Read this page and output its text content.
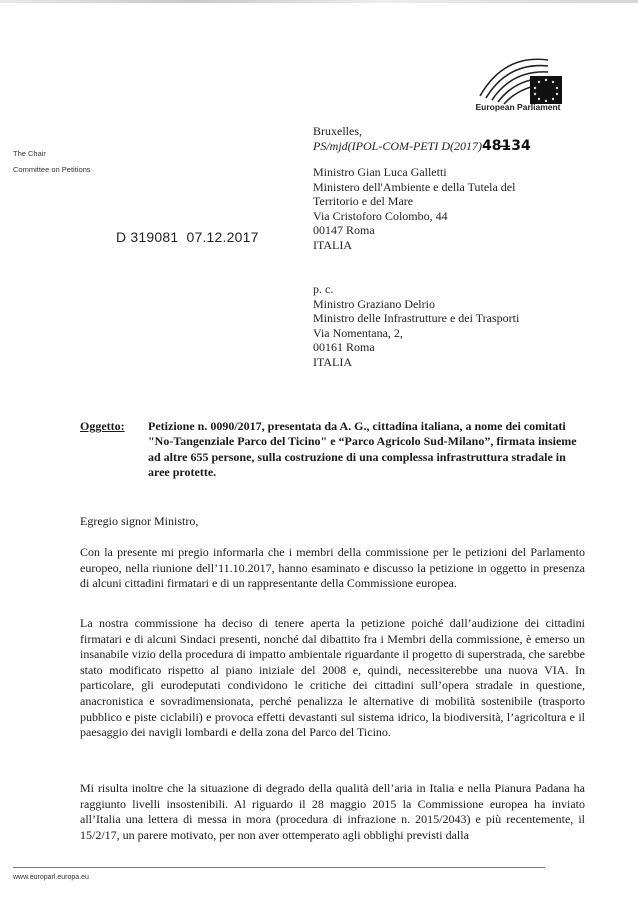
European Parliament
The Chair
Committee on Petitions
D 319081  07.12.2017
Bruxelles,
PS/mjd(IPOL-COM-PETI D(2017)481̶34
Ministro Gian Luca Galletti
Ministero dell'Ambiente e della Tutela del
Territorio e del Mare
Via Cristoforo Colombo, 44
00147 Roma
ITALIA
p. c.
Ministro Graziano Delrio
Ministro delle Infrastrutture e dei Trasporti
Via Nomentana, 2,
00161 Roma
ITALIA
Oggetto: Petizione n. 0090/2017, presentata da A. G., cittadina italiana, a nome dei comitati "No-Tangenziale Parco del Ticino" e “Parco Agricolo Sud-Milano”, firmata insieme ad altre 655 persone, sulla costruzione di una complessa infrastruttura stradale in aree protette.
Egregio signor Ministro,
Con la presente mi pregio informarla che i membri della commissione per le petizioni del Parlamento europeo, nella riunione dell’11.10.2017, hanno esaminato e discusso la petizione in oggetto in presenza di alcuni cittadini firmatari e di un rappresentante della Commissione europea.
La nostra commissione ha deciso di tenere aperta la petizione poiché dall’audizione dei cittadini firmatari e di alcuni Sindaci presenti, nonché dal dibattito fra i Membri della commissione, è emerso un insanabile vizio della procedura di impatto ambientale riguardante il progetto di superstrada, che sarebbe stato modificato rispetto al piano iniziale del 2008 e, quindi, necessiterebbe una nuova VIA. In particolare, gli eurodeputati condividono le critiche dei cittadini sull’opera stradale in questione, anacronistica e sovradimensionata, perché penalizza le alternative di mobilità sostenibile (trasporto pubblico e piste ciclabili) e provoca effetti devastanti sul sistema idrico, la biodiversità, l’agricoltura e il paesaggio dei navigli lombardi e della zona del Parco del Ticino.
Mi risulta inoltre che la situazione di degrado della qualità dell’aria in Italia e nella Pianura Padana ha raggiunto livelli insostenibili. Al riguardo il 28 maggio 2015 la Commissione europea ha inviato all’Italia una lettera di messa in mora (procedura di infrazione n. 2015/2043) e più recentemente, il 15/2/17, un parere motivato, per non aver ottemperato agli obblighi previsti dalla
www.europarl.europa.eu
